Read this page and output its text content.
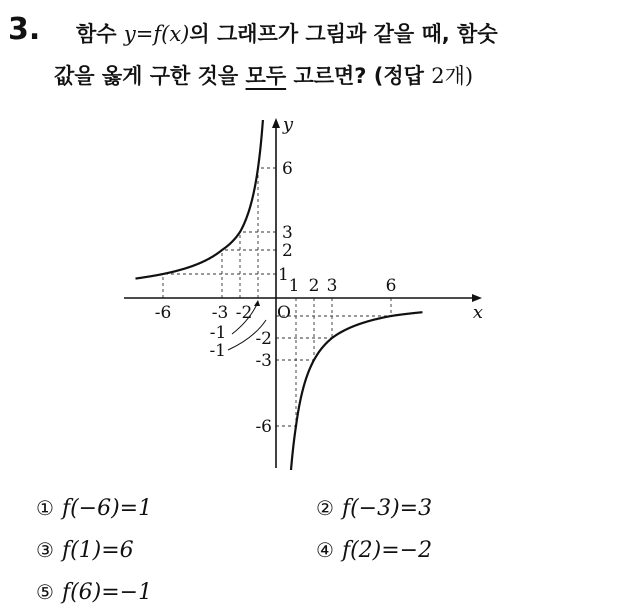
3. 함수 y=f(x)의 그래프가 그림과 같을 때, 함숫
값을 옳게 구한 것을 모두 고르면? (정답 2개)
x
y
O
-6 -3 -2
-1
1 2 3	6
6
3
2
1
-1
-2
-3
-6
① f(−6)=1	② f(−3)=3
③ f(1)=6	④ f(2)=−2
⑤ f(6)=−1
